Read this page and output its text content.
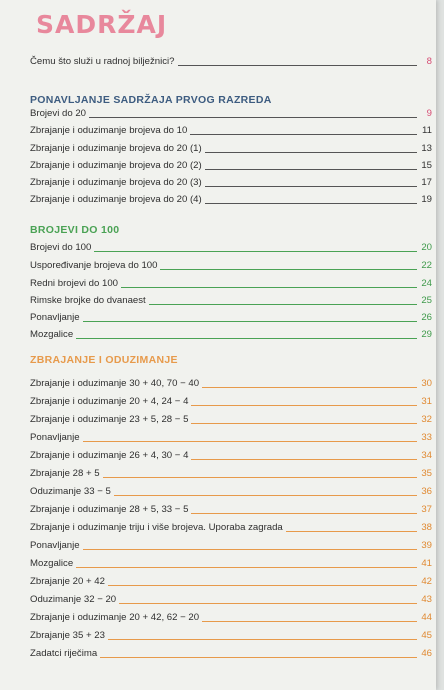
SADRŽAJ
Čemu što služi u radnoj bilježnici?	8
PONAVLJANJE SADRŽAJA PRVOG RAZREDA
Brojevi do 20	9
Zbrajanje i oduzimanje brojeva do 10	11
Zbrajanje i oduzimanje brojeva do 20 (1)	13
Zbrajanje i oduzimanje brojeva do 20 (2)	15
Zbrajanje i oduzimanje brojeva do 20 (3)	17
Zbrajanje i oduzimanje brojeva do 20 (4)	19
BROJEVI DO 100
Brojevi do 100	20
Uspoređivanje brojeva do 100	22
Redni brojevi do 100	24
Rimske brojke do dvanaest	25
Ponavljanje	26
Mozgalice	29
ZBRAJANJE I ODUZIMANJE
Zbrajanje i oduzimanje 30 + 40, 70 − 40	30
Zbrajanje i oduzimanje 20 + 4, 24 − 4	31
Zbrajanje i oduzimanje 23 + 5, 28 − 5	32
Ponavljanje	33
Zbrajanje i oduzimanje 26 + 4, 30 − 4	34
Zbrajanje 28 + 5	35
Oduzimanje 33 − 5	36
Zbrajanje i oduzimanje 28 + 5, 33 − 5	37
Zbrajanje i oduzimanje triju i više brojeva. Uporaba zagrada	38
Ponavljanje	39
Mozgalice	41
Zbrajanje 20 + 42	42
Oduzimanje 32 − 20	43
Zbrajanje i oduzimanje 20 + 42, 62 − 20	44
Zbrajanje 35 + 23	45
Zadatci riječima	46
